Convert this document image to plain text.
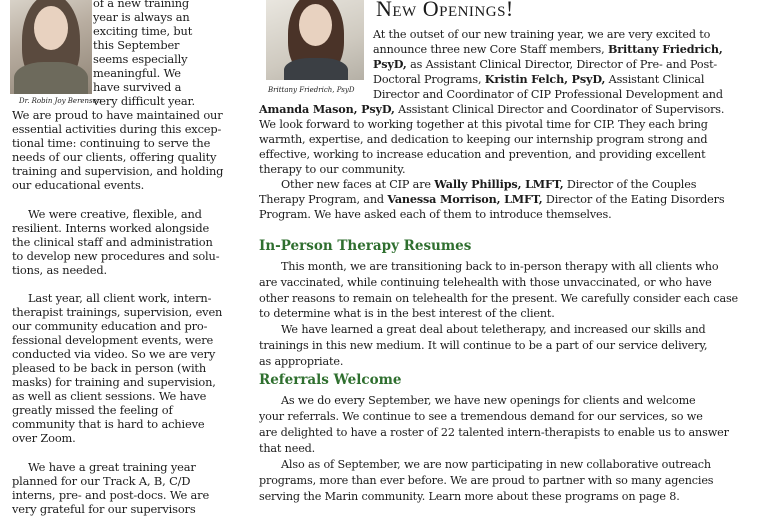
Dr. Robin Joy Berenson
Brittany Friedrich, PsyD
New Openings!
of a new training
year is always an
exciting time, but
this September
seems especially
meaningful. We
have survived a
very difficult year.
We are proud to have maintained our
essential activities during this excep-
tional time: continuing to serve the
needs of our clients, offering quality
training and supervision, and holding
our educational events.
We were creative, flexible, and
resilient. Interns worked alongside
the clinical staff and administration
to develop new procedures and solu-
tions, as needed.
Last year, all client work, intern-
therapist trainings, supervision, even
our community education and pro-
fessional development events, were
conducted via video. So we are very
pleased to be back in person (with
masks) for training and supervision,
as well as client sessions. We have
greatly missed the feeling of
community that is hard to achieve
over Zoom.
We have a great training year
planned for our Track A, B, C/D
interns, pre- and post-docs. We are
very grateful for our supervisors
At the outset of our new training year, we are very excited to
announce three new Core Staff members, Brittany Friedrich,
PsyD, as Assistant Clinical Director, Director of Pre- and Post-
Doctoral Programs, Kristin Felch, PsyD, Assistant Clinical
Director and Coordinator of CIP Professional Development and
Amanda Mason, PsyD, Assistant Clinical Director and Coordinator of Supervisors.
We look forward to working together at this pivotal time for CIP. They each bring
warmth, expertise, and dedication to keeping our internship program strong and
effective, working to increase education and prevention, and providing excellent
therapy to our community.
Other new faces at CIP are Wally Phillips, LMFT, Director of the Couples
Therapy Program, and Vanessa Morrison, LMFT, Director of the Eating Disorders
Program. We have asked each of them to introduce themselves.
In-Person Therapy Resumes
This month, we are transitioning back to in-person therapy with all clients who
are vaccinated, while continuing telehealth with those unvaccinated, or who have
other reasons to remain on telehealth for the present. We carefully consider each case
to determine what is in the best interest of the client.
We have learned a great deal about teletherapy, and increased our skills and
trainings in this new medium. It will continue to be a part of our service delivery,
as appropriate.
Referrals Welcome
As we do every September, we have new openings for clients and welcome
your referrals. We continue to see a tremendous demand for our services, so we
are delighted to have a roster of 22 talented intern-therapists to enable us to answer
that need.
Also as of September, we are now participating in new collaborative outreach
programs, more than ever before. We are proud to partner with so many agencies
serving the Marin community. Learn more about these programs on page 8.
